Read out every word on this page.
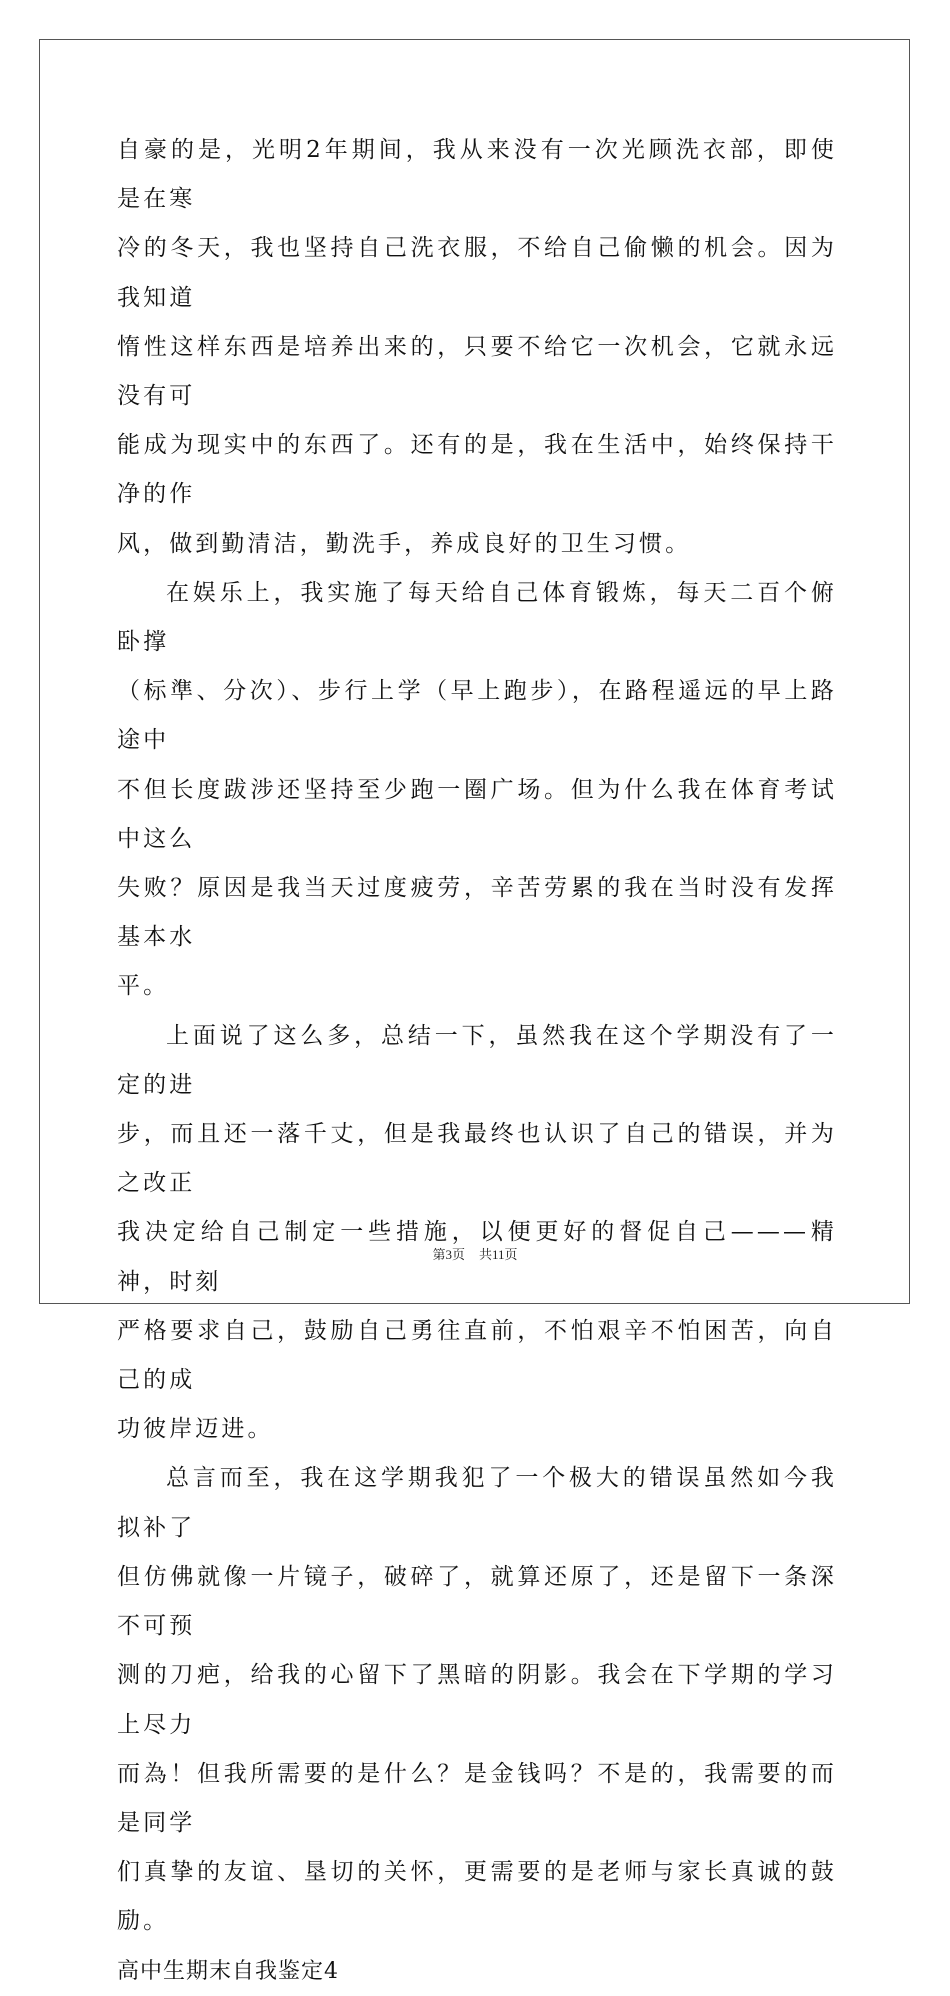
自豪的是，光明2年期间，我从来没有一次光顾洗衣部，即使是在寒
冷的冬天，我也坚持自己洗衣服，不给自己偷懒的机会。因为我知道
惰性这样东西是培养出来的，只要不给它一次机会，它就永远没有可
能成为现实中的东西了。还有的是，我在生活中，始终保持干净的作
风，做到勤清洁，勤洗手，养成良好的卫生习惯。

在娱乐上，我实施了每天给自己体育锻炼，每天二百个俯卧撑
（标準、分次）、步行上学（早上跑步），在路程遥远的早上路途中
不但长度跋涉还坚持至少跑一圈广场。但为什么我在体育考试中这么
失败？原因是我当天过度疲劳，辛苦劳累的我在当时没有发挥基本水
平。

上面说了这么多，总结一下，虽然我在这个学期没有了一定的进
步，而且还一落千丈，但是我最终也认识了自己的错误，并为之改正
我决定给自己制定一些措施，以便更好的督促自己———精神，时刻
严格要求自己，鼓励自己勇往直前，不怕艰辛不怕困苦，向自己的成
功彼岸迈进。

总言而至，我在这学期我犯了一个极大的错误虽然如今我拟补了
但仿佛就像一片镜子，破碎了，就算还原了，还是留下一条深不可预
测的刀疤，给我的心留下了黑暗的阴影。我会在下学期的学习上尽力
而為！但我所需要的是什么？是金钱吗？不是的，我需要的而是同学
们真挚的友谊、垦切的关怀，更需要的是老师与家长真诚的鼓励。

高中生期末自我鉴定4

第3页 共11页
